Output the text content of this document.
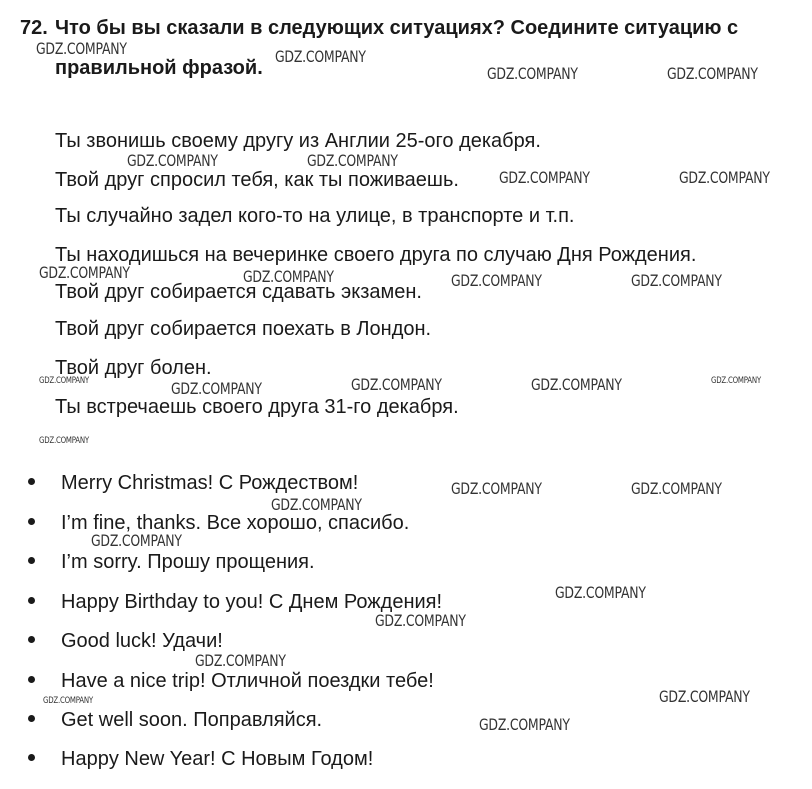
72. Что бы вы сказали в следующих ситуациях? Соедините ситуацию с
правильной фразой.
Ты звонишь своему другу из Англии 25-ого декабря.
Твой друг спросил тебя, как ты поживаешь.
Ты случайно задел кого-то на улице, в транспорте и т.п.
Ты находишься на вечеринке своего друга по случаю Дня Рождения.
Твой друг собирается сдавать экзамен.
Твой друг собирается поехать в Лондон.
Твой друг болен.
Ты встречаешь своего друга 31-го декабря.
Merry Christmas! С Рождеством!
I’m fine, thanks. Все хорошо, спасибо.
I’m sorry. Прошу прощения.
Happy Birthday to you! С Днем Рождения!
Good luck! Удачи!
Have a nice trip! Отличной поездки тебе!
Get well soon. Поправляйся.
Happy New Year! С Новым Годом!
GDZ.COMPANY	GDZ.COMPANY
GDZ.COMPANY	GDZ.COMPANY
GDZ.COMPANY	GDZ.COMPANY
GDZ.COMPANY	GDZ.COMPANY
GDZ.COMPANY	GDZ.COMPANY	GDZ.COMPANY	GDZ.COMPANY
GDZ.COMPANY	GDZ.COMPANY	GDZ.COMPANY	GDZ.COMPANY	GDZ.COMPANY
GDZ.COMPANY
GDZ.COMPANY	GDZ.COMPANY
GDZ.COMPANY
GDZ.COMPANY
GDZ.COMPANY
GDZ.COMPANY
GDZ.COMPANY
GDZ.COMPANY	GDZ.COMPANY
GDZ.COMPANY
